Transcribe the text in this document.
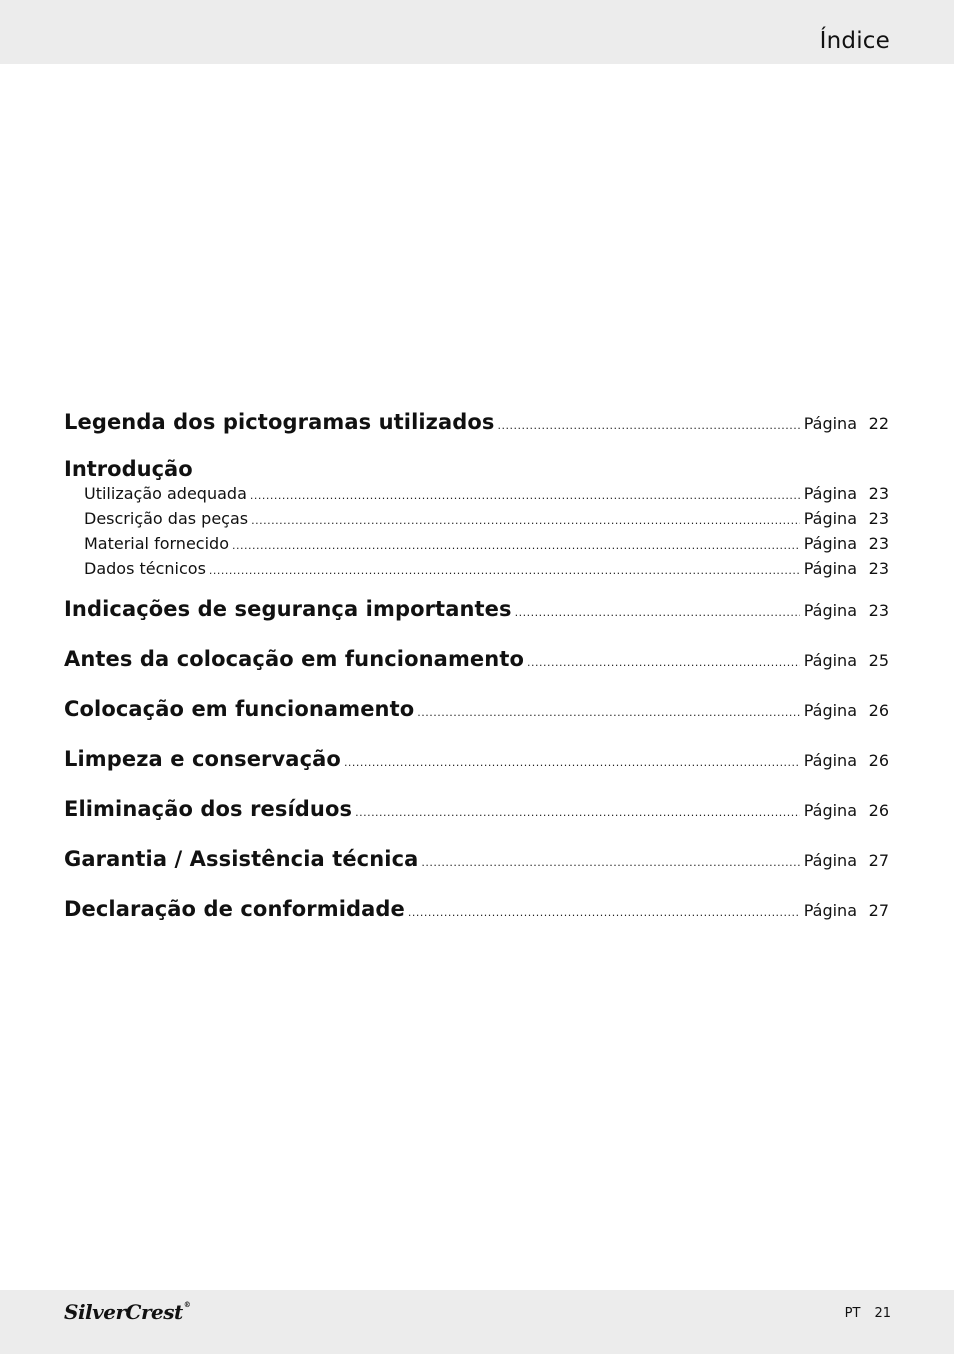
Índice
Legenda dos pictogramas utilizados .....	Página 22
Introdução
Utilização adequada .....	Página 23
Descrição das peças .....	Página 23
Material fornecido .....	Página 23
Dados técnicos .....	Página 23
Indicações de segurança importantes .....	Página 23
Antes da colocação em funcionamento .....	Página 25
Colocação em funcionamento .....	Página 26
Limpeza e conservação .....	Página 26
Eliminação dos resíduos .....	Página 26
Garantia / Assistência técnica .....	Página 27
Declaração de conformidade .....	Página 27
SilverCrest®
PT 21
